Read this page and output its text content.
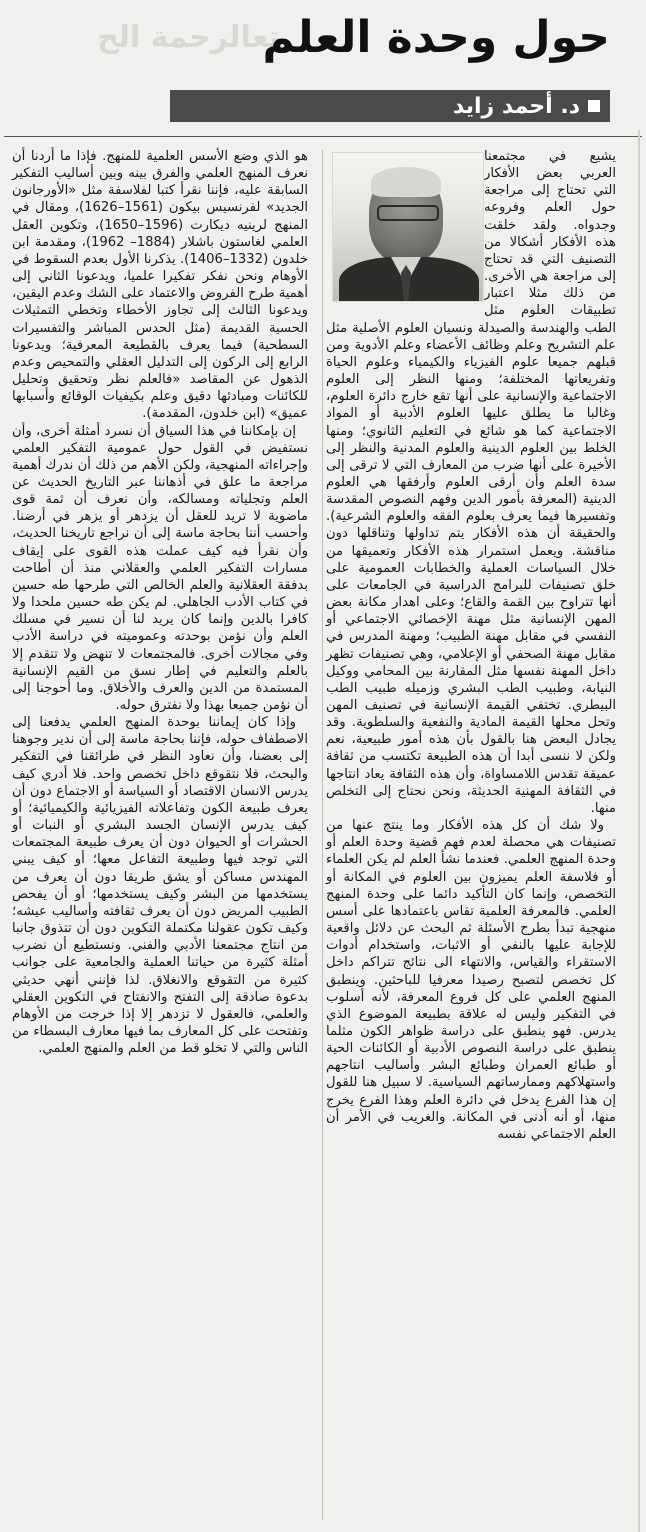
تعالرحمة الح
حول وحدة العلم
د. أحمد زايد

يشيع في مجتمعنا العربي بعض الأفكار التي تحتاج إلى مراجعة حول العلم وفروعه وجدواه. ولقد خلقت هذه الأفكار أشكالا من التصنيف التي قد تحتاج إلى مراجعة هي الأخرى. من ذلك مثلا اعتبار تطبيقات العلوم مثل الطب والهندسة والصيدلة ونسيان العلوم الأصلية مثل علم التشريح وعلم وظائف الأعضاء وعلم الأدوية ومن قبلهم جميعا علوم الفيزياء والكيمياء وعلوم الحياة وتفريعاتها المختلفة؛ ومنها النظر إلى العلوم الاجتماعية والإنسانية على أنها تقع خارج دائرة العلوم، وغالبا ما يطلق عليها العلوم الأدبية أو المواد الاجتماعية كما هو شائع في التعليم الثانوي؛ ومنها الخلط بين العلوم الدينية والعلوم المدنية والنظر إلى الأخيرة على أنها ضرب من المعارف التي لا ترقى إلى سدة العلم وأن أرقى العلوم وأرفقها هي العلوم الدينية (المعرفة بأمور الدين وفهم النصوص المقدسة وتفسيرها فيما يعرف بعلوم الفقه والعلوم الشرعية). والحقيقة أن هذه الأفكار يتم تداولها وتناقلها دون مناقشة. ويعمل استمرار هذه الأفكار وتعميقها من خلال السياسات العملية والخطابات العمومية على خلق تصنيفات للبرامج الدراسية في الجامعات على أنها تتراوح بين القمة والقاع؛ وعلى اهدار مكانة بعض المهن الإنسانية مثل مهنة الإخصائي الاجتماعي أو النفسي في مقابل مهنة الطبيب؛ ومهنة المدرس في مقابل مهنة الصحفي أو الإعلامي، وهي تصنيفات تظهر داخل المهنة نفسها مثل المقارنة بين المحامي ووكيل النيابة، وطبيب الطب البشري وزميله طبيب الطب البيطري. تختفي القيمة الإنسانية في تصنيف المهن وتحل محلها القيمة المادية والنفعية والسلطوية. وقد يجادل البعض هنا بالقول بأن هذه أمور طبيعية، نعم ولكن لا ننسى أبدا أن هذه الطبيعة تكتسب من ثقافة عميقة تقدس اللامساواة، وأن هذه الثقافة يعاد انتاجها في الثقافة المهنية الحديثة، ونحن نحتاج إلى التخلص منها.

ولا شك أن كل هذه الأفكار وما ينتج عنها من تصنيفات هي محصلة لعدم فهم قضية وحدة العلم أو وحدة المنهج العلمي. فعندما نشأ العلم لم يكن العلماء أو فلاسفة العلم يميزون بين العلوم في المكانة أو التخصص، وإنما كان التأكيد دائما على وحدة المنهج العلمي. فالمعرفة العلمية تقاس باعتمادها على أسس منهجية تبدأ بطرح الأسئلة ثم البحث عن دلائل واقعية للإجابة عليها بالنفي أو الاثبات، واستخدام أدوات الاستقراء والقياس، والانتهاء الى نتائج تتراكم داخل كل تخصص لتصبح رصيدا معرفيا للباحثين. وينطبق المنهج العلمي على كل فروع المعرفة، لأنه أسلوب في التفكير وليس له علاقة بطبيعة الموضوع الذي يدرس. فهو ينطبق على دراسة ظواهر الكون مثلما ينطبق على دراسة النصوص الأدبية أو الكائنات الحية أو طبائع العمران وطبائع البشر وأساليب انتاجهم واستهلاكهم وممارساتهم السياسية. لا سبيل هنا للقول إن هذا الفرع يدخل في دائرة العلم وهذا الفرع يخرج منها، أو أنه أدنى في المكانة. والغريب في الأمر أن العلم الاجتماعي نفسه

هو الذي وضع الأسس العلمية للمنهج. فإذا ما أردنا أن نعرف المنهج العلمي والفرق بينه وبين أساليب التفكير السابقة عليه، فإننا نقرأ كتبا لفلاسفة مثل «الأورجانون الجديد» لفرنسيس بيكون (1561–1626)، ومقال في المنهج لرينيه ديكارت (1596–1650)، وتكوين العقل العلمي لغاستون باشلار (1884– 1962)، ومقدمة ابن خلدون (1332–1406). يذكرنا الأول بعدم السقوط في الأوهام ونحن نفكر تفكيرا علميا، ويدعونا الثاني إلى أهمية طرح الفروض والاعتماد على الشك وعدم اليقين، ويدعونا الثالث إلى تجاوز الأخطاء وتخطي التمثيلات الحسية القديمة (مثل الحدس المباشر والتفسيرات السطحية) فيما يعرف بالقطيعة المعرفية؛ ويدعونا الرابع إلى الركون إلى التدليل العقلي والتمحيص وعدم الذهول عن المقاصد «فالعلم نظر وتحقيق وتحليل للكائنات ومبادئها دقيق وعلم بكيفيات الوقائع وأسبابها عميق» (ابن خلدون، المقدمة).

إن بإمكاننا في هذا السياق أن نسرد أمثلة أخرى، وأن نستفيض في القول حول عمومية التفكير العلمي وإجراءاته المنهجية، ولكن الأهم من ذلك أن ندرك أهمية مراجعة ما علق في أذهاننا عبر التاريخ الحديث عن العلم وتجلياته ومسالكه، وأن نعرف أن ثمة قوى ماضوية لا تريد للعقل أن يزدهر أو يزهر في أرضنا. وأحسب أننا بحاجة ماسة إلى أن نراجع تاريخنا الحديث، وأن نقرأ فيه كيف عملت هذه القوى على إيقاف مسارات التفكير العلمي والعقلاني منذ أن أطاحت بدفقة العقلانية والعلم الخالص التي طرحها طه حسين في كتاب الأدب الجاهلي. لم يكن طه حسين ملحدا ولا كافرا بالدين وإنما كان يريد لنا أن نسير في مسلك العلم وأن نؤمن بوحدته وعموميته في دراسة الأدب وفي مجالات أخرى. فالمجتمعات لا تنهض ولا تتقدم إلا بالعلم والتعليم في إطار نسق من القيم الإنسانية المستمدة من الدين والعرف والأخلاق. وما أحوجنا إلى أن نؤمن جميعا بهذا ولا نفترق حوله.

وإذا كان إيماننا بوحدة المنهج العلمي يدفعنا إلى الاصطفاف حوله، فإننا بحاجة ماسة إلى أن ندير وجوهنا إلى بعضنا، وأن نعاود النظر في طرائقنا في التفكير والبحث، فلا نتقوقع داخل تخصص واحد. فلا أدري كيف يدرس الانسان الاقتصاد أو السياسة أو الاجتماع دون أن يعرف طبيعة الكون وتفاعلاته الفيزيائية والكيميائية؛ أو كيف يدرس الإنسان الجسد البشري أو النبات أو الحشرات أو الحيوان دون أن يعرف طبيعة المجتمعات التي توجد فيها وطبيعة التفاعل معها؛ أو كيف يبني المهندس مساكن أو يشق طريقا دون أن يعرف من يستخدمها من البشر وكيف يستخدمها؛ أو أن يفحص الطبيب المريض دون أن يعرف ثقافته وأساليب عيشه؛ وكيف تكون عقولنا مكتملة التكوين دون أن تتذوق جانبا من انتاج مجتمعنا الأدبي والفني. ونستطيع أن نضرب أمثلة كثيرة من حياتنا العملية والجامعية على جوانب كثيرة من التقوقع والانغلاق. لذا فإنني أنهي حديثي بدعوة صادقة إلى التفتح والانفتاح في التكوين العقلي والعلمي، فالعقول لا تزدهر إلا إذا خرجت من الأوهام وتفتحت على كل المعارف بما فيها معارف البسطاء من الناس والتي لا تخلو قط من العلم والمنهج العلمي.
